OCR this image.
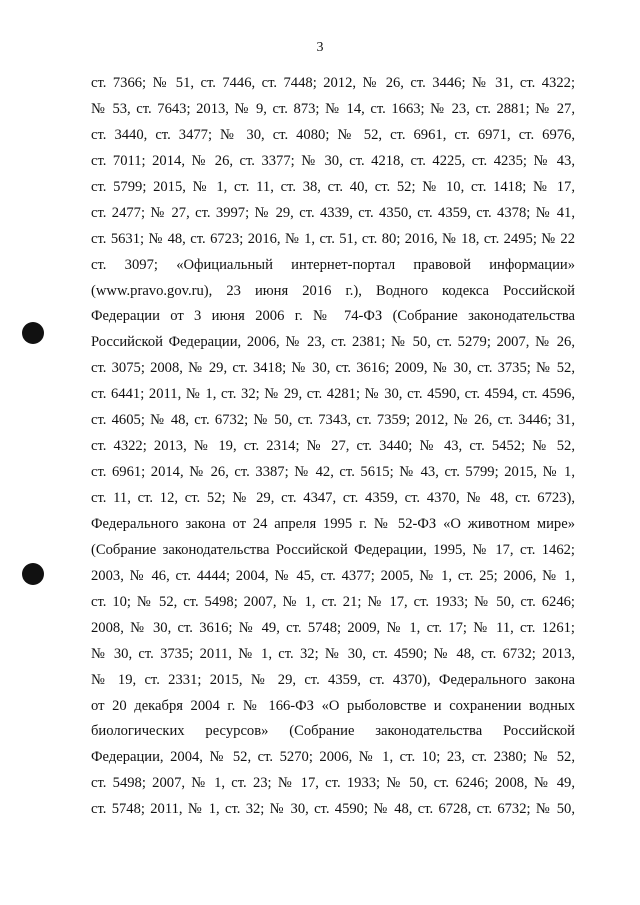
3
ст. 7366; № 51, ст. 7446, ст. 7448; 2012, № 26, ст. 3446; № 31, ст. 4322;
№ 53, ст. 7643; 2013, № 9, ст. 873; № 14, ст. 1663; № 23, ст. 2881; № 27,
ст. 3440, ст. 3477; № 30, ст. 4080; № 52, ст. 6961, ст. 6971, ст. 6976,
ст. 7011; 2014, № 26, ст. 3377; № 30, ст. 4218, ст. 4225, ст. 4235; № 43,
ст. 5799; 2015, № 1, ст. 11, ст. 38, ст. 40, ст. 52; № 10, ст. 1418; № 17,
ст. 2477; № 27, ст. 3997; № 29, ст. 4339, ст. 4350, ст. 4359, ст. 4378; № 41,
ст. 5631; № 48, ст. 6723; 2016, № 1, ст. 51, ст. 80; 2016, № 18, ст. 2495; № 22
ст. 3097; «Официальный интернет-портал правовой информации»
(www.pravo.gov.ru), 23 июня 2016 г.), Водного кодекса Российской
Федерации от 3 июня 2006 г. № 74-ФЗ (Собрание законодательства
Российской Федерации, 2006, № 23, ст. 2381; № 50, ст. 5279; 2007, № 26,
ст. 3075; 2008, № 29, ст. 3418; № 30, ст. 3616; 2009, № 30, ст. 3735; № 52,
ст. 6441; 2011, № 1, ст. 32; № 29, ст. 4281; № 30, ст. 4590, ст. 4594, ст. 4596,
ст. 4605; № 48, ст. 6732; № 50, ст. 7343, ст. 7359; 2012, № 26, ст. 3446; 31,
ст. 4322; 2013, № 19, ст. 2314; № 27, ст. 3440; № 43, ст. 5452; № 52,
ст. 6961; 2014, № 26, ст. 3387; № 42, ст. 5615; № 43, ст. 5799; 2015, № 1,
ст. 11, ст. 12, ст. 52; № 29, ст. 4347, ст. 4359, ст. 4370, № 48, ст. 6723),
Федерального закона от 24 апреля 1995 г. № 52-ФЗ «О животном мире»
(Собрание законодательства Российской Федерации, 1995, № 17, ст. 1462;
2003, № 46, ст. 4444; 2004, № 45, ст. 4377; 2005, № 1, ст. 25; 2006, № 1,
ст. 10; № 52, ст. 5498; 2007, № 1, ст. 21; № 17, ст. 1933; № 50, ст. 6246;
2008, № 30, ст. 3616; № 49, ст. 5748; 2009, № 1, ст. 17; № 11, ст. 1261;
№ 30, ст. 3735; 2011, № 1, ст. 32; № 30, ст. 4590; № 48, ст. 6732; 2013,
№ 19, ст. 2331; 2015, № 29, ст. 4359, ст. 4370), Федерального закона
от 20 декабря 2004 г. № 166-ФЗ «О рыболовстве и сохранении водных
биологических ресурсов» (Собрание законодательства Российской
Федерации, 2004, № 52, ст. 5270; 2006, № 1, ст. 10; 23, ст. 2380; № 52,
ст. 5498; 2007, № 1, ст. 23; № 17, ст. 1933; № 50, ст. 6246; 2008, № 49,
ст. 5748; 2011, № 1, ст. 32; № 30, ст. 4590; № 48, ст. 6728, ст. 6732; № 50,
